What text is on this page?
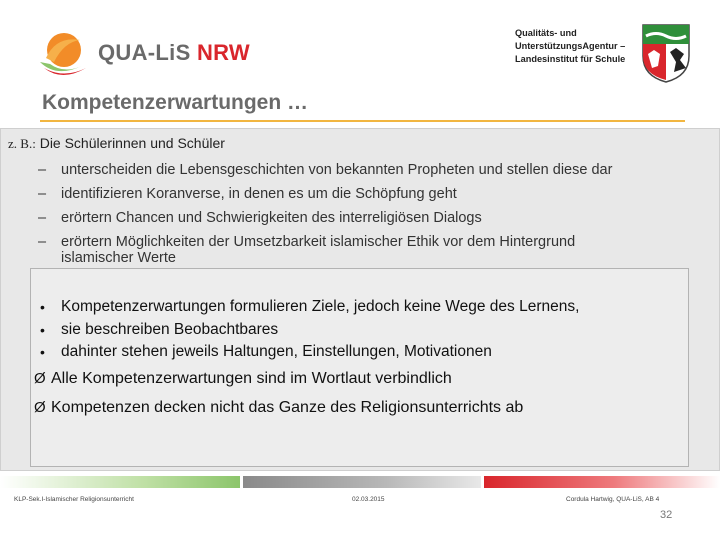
QUA-LiS NRW
Qualitäts- und
UnterstützungsAgentur –
Landesinstitut für Schule
Kompetenzerwartungen …
z. B.: Die Schülerinnen und Schüler
– unterscheiden die Lebensgeschichten von bekannten Propheten und stellen diese dar
– identifizieren Koranverse, in denen es um die Schöpfung geht
– erörtern Chancen und Schwierigkeiten des interreligiösen Dialogs
– erörtern Möglichkeiten der Umsetzbarkeit islamischer Ethik vor dem Hintergrund
islamischer Werte
• Kompetenzerwartungen formulieren Ziele, jedoch keine Wege des Lernens,
• sie beschreiben Beobachtbares
• dahinter stehen jeweils Haltungen, Einstellungen, Motivationen
Ø Alle Kompetenzerwartungen sind im Wortlaut verbindlich
Ø Kompetenzen decken nicht das Ganze des Religionsunterrichts ab
KLP-Sek.I-Islamischer Religionsunterricht	02.03.2015	Cordula Hartwig, QUA-LiS, AB 4
32
